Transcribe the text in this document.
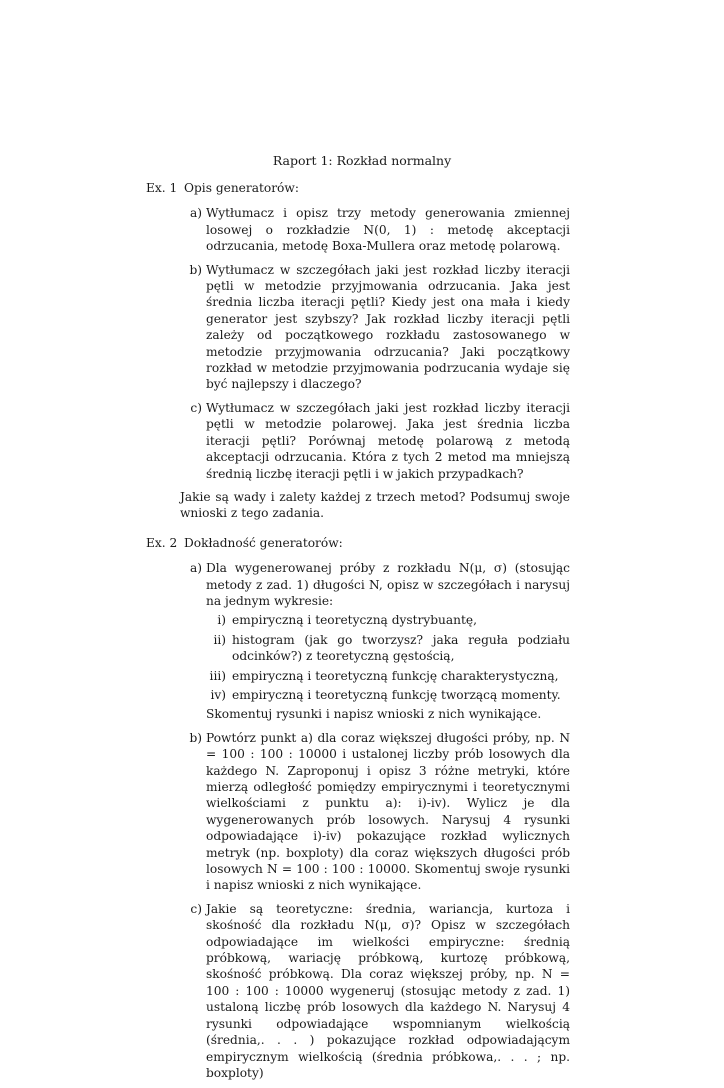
Raport 1: Rozkład normalny

Ex. 1 Opis generatorów:

a) Wytłumacz i opisz trzy metody generowania zmiennej losowej o rozkładzie N(0, 1) : metodę akceptacji odrzucania, metodę Boxa-Mullera oraz metodę polarową.
b) Wytłumacz w szczegółach jaki jest rozkład liczby iteracji pętli w metodzie przyjmowania odrzucania. Jaka jest średnia liczba iteracji pętli? Kiedy jest ona mała i kiedy generator jest szybszy? Jak rozkład liczby iteracji pętli zależy od początkowego rozkładu zastosowanego w metodzie przyjmowania odrzucania? Jaki początkowy rozkład w metodzie przyjmowania podrzucania wydaje się być najlepszy i dlaczego?
c) Wytłumacz w szczegółach jaki jest rozkład liczby iteracji pętli w metodzie polarowej. Jaka jest średnia liczba iteracji pętli? Porównaj metodę polarową z metodą akceptacji odrzucania. Która z tych 2 metod ma mniejszą średnią liczbę iteracji pętli i w jakich przypadkach?

Jakie są wady i zalety każdej z trzech metod? Podsumuj swoje wnioski z tego zadania.

Ex. 2 Dokładność generatorów:

a) Dla wygenerowanej próby z rozkładu N(μ, σ) (stosując metody z zad. 1) długości N, opisz w szczegółach i narysuj na jednym wykresie:
i) empiryczną i teoretyczną dystrybuantę,
ii) histogram (jak go tworzysz? jaka reguła podziału odcinków?) z teoretyczną gęstością,
iii) empiryczną i teoretyczną funkcję charakterystyczną,
iv) empiryczną i teoretyczną funkcję tworzącą momenty.
Skomentuj rysunki i napisz wnioski z nich wynikające.
b) Powtórz punkt a) dla coraz większej długości próby, np. N = 100 : 100 : 10000 i ustalonej liczby prób losowych dla każdego N. Zaproponuj i opisz 3 różne metryki, które mierzą odległość pomiędzy empirycznymi i teoretycznymi wielkościami z punktu a): i)-iv). Wylicz je dla wygenerowanych prób losowych. Narysuj 4 rysunki odpowiadające i)-iv) pokazujące rozkład wylicznych metryk (np. boxploty) dla coraz większych długości prób losowych N = 100 : 100 : 10000. Skomentuj swoje rysunki i napisz wnioski z nich wynikające.
c) Jakie są teoretyczne: średnia, wariancja, kurtoza i skośność dla rozkładu N(μ, σ)? Opisz w szczegółach odpowiadające im wielkości empiryczne: średnią próbkową, wariację próbkową, kurtozę próbkową, skośność próbkową. Dla coraz większej próby, np. N = 100 : 100 : 10000 wygeneruj (stosując metody z zad. 1) ustaloną liczbę prób losowych dla każdego N. Narysuj 4 rysunki odpowiadające wspomnianym wielkością (średnia,. . . ) pokazujące rozkład odpowiadającym empirycznym wielkością (średnia próbkowa,. . . ; np. boxploty)
